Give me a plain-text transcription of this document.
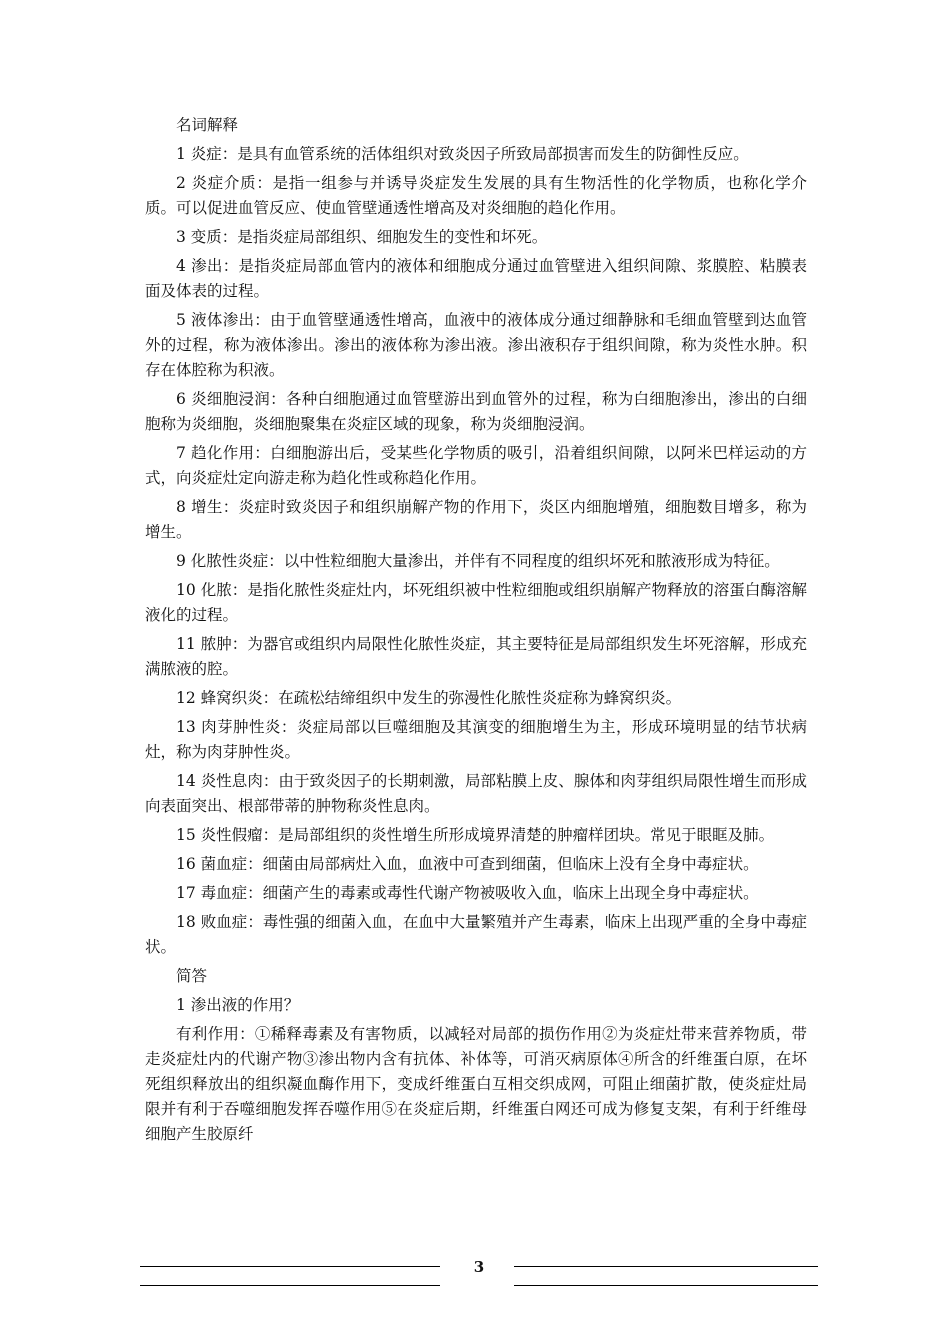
名词解释

1 炎症：是具有血管系统的活体组织对致炎因子所致局部损害而发生的防御性反应。

2 炎症介质：是指一组参与并诱导炎症发生发展的具有生物活性的化学物质，也称化学介质。可以促进血管反应、使血管壁通透性增高及对炎细胞的趋化作用。

3 变质：是指炎症局部组织、细胞发生的变性和坏死。

4 渗出：是指炎症局部血管内的液体和细胞成分通过血管壁进入组织间隙、浆膜腔、粘膜表面及体表的过程。

5 液体渗出：由于血管壁通透性增高，血液中的液体成分通过细静脉和毛细血管壁到达血管外的过程，称为液体渗出。渗出的液体称为渗出液。渗出液积存于组织间隙，称为炎性水肿。积存在体腔称为积液。

6 炎细胞浸润：各种白细胞通过血管壁游出到血管外的过程，称为白细胞渗出，渗出的白细胞称为炎细胞，炎细胞聚集在炎症区域的现象，称为炎细胞浸润。

7 趋化作用：白细胞游出后，受某些化学物质的吸引，沿着组织间隙，以阿米巴样运动的方式，向炎症灶定向游走称为趋化性或称趋化作用。

8 增生：炎症时致炎因子和组织崩解产物的作用下，炎区内细胞增殖，细胞数目增多，称为增生。

9 化脓性炎症：以中性粒细胞大量渗出，并伴有不同程度的组织坏死和脓液形成为特征。

10 化脓：是指化脓性炎症灶内，坏死组织被中性粒细胞或组织崩解产物释放的溶蛋白酶溶解液化的过程。

11 脓肿：为器官或组织内局限性化脓性炎症，其主要特征是局部组织发生坏死溶解，形成充满脓液的腔。

12 蜂窝织炎：在疏松结缔组织中发生的弥漫性化脓性炎症称为蜂窝织炎。

13 肉芽肿性炎：炎症局部以巨噬细胞及其演变的细胞增生为主，形成环境明显的结节状病灶，称为肉芽肿性炎。

14 炎性息肉：由于致炎因子的长期刺激，局部粘膜上皮、腺体和肉芽组织局限性增生而形成向表面突出、根部带蒂的肿物称炎性息肉。

15 炎性假瘤：是局部组织的炎性增生所形成境界清楚的肿瘤样团块。常见于眼眶及肺。

16 菌血症：细菌由局部病灶入血，血液中可查到细菌，但临床上没有全身中毒症状。

17 毒血症：细菌产生的毒素或毒性代谢产物被吸收入血，临床上出现全身中毒症状。

18 败血症：毒性强的细菌入血，在血中大量繁殖并产生毒素，临床上出现严重的全身中毒症状。

简答

1 渗出液的作用？

有利作用：①稀释毒素及有害物质，以减轻对局部的损伤作用②为炎症灶带来营养物质，带走炎症灶内的代谢产物③渗出物内含有抗体、补体等，可消灭病原体④所含的纤维蛋白原，在坏死组织释放出的组织凝血酶作用下，变成纤维蛋白互相交织成网，可阻止细菌扩散，使炎症灶局限并有利于吞噬细胞发挥吞噬作用⑤在炎症后期，纤维蛋白网还可成为修复支架，有利于纤维母细胞产生胶原纤

3
